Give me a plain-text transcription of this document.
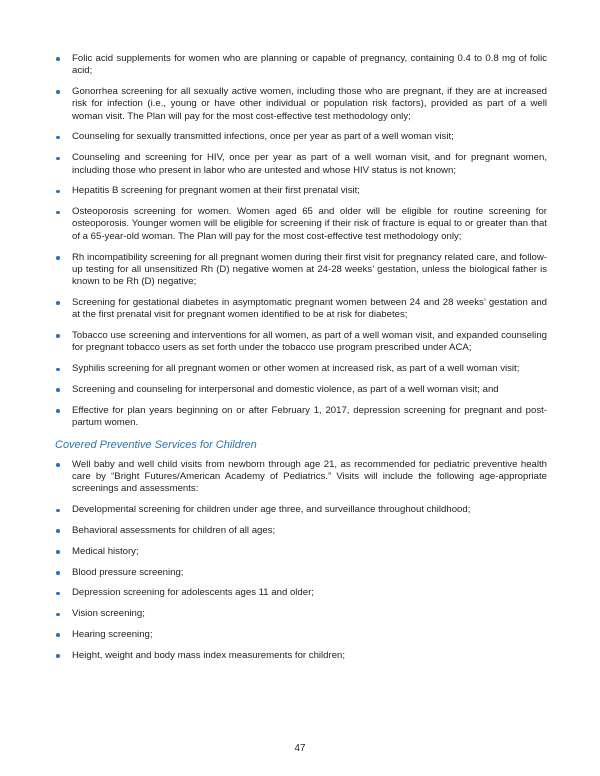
Folic acid supplements for women who are planning or capable of pregnancy, containing 0.4 to 0.8 mg of folic acid;
Gonorrhea screening for all sexually active women, including those who are pregnant, if they are at increased risk for infection (i.e., young or have other individual or population risk factors), provided as part of a well woman visit. The Plan will pay for the most cost-effective test methodology only;
Counseling for sexually transmitted infections, once per year as part of a well woman visit;
Counseling and screening for HIV, once per year as part of a well woman visit, and for pregnant women, including those who present in labor who are untested and whose HIV status is not known;
Hepatitis B screening for pregnant women at their first prenatal visit;
Osteoporosis screening for women. Women aged 65 and older will be eligible for routine screening for osteoporosis. Younger women will be eligible for screening if their risk of fracture is equal to or greater than that of a 65-year-old woman. The Plan will pay for the most cost-effective test methodology only;
Rh incompatibility screening for all pregnant women during their first visit for pregnancy related care, and follow-up testing for all unsensitized Rh (D) negative women at 24-28 weeks’ gestation, unless the biological father is known to be Rh (D) negative;
Screening for gestational diabetes in asymptomatic pregnant women between 24 and 28 weeks’ gestation and at the first prenatal visit for pregnant women identified to be at risk for diabetes;
Tobacco use screening and interventions for all women, as part of a well woman visit, and expanded counseling for pregnant tobacco users as set forth under the tobacco use program prescribed under ACA;
Syphilis screening for all pregnant women or other women at increased risk, as part of a well woman visit;
Screening and counseling for interpersonal and domestic violence, as part of a well woman visit; and
Effective for plan years beginning on or after February 1, 2017, depression screening for pregnant and post-partum women.
Covered Preventive Services for Children
Well baby and well child visits from newborn through age 21, as recommended for pediatric preventive health care by “Bright Futures/American Academy of Pediatrics.” Visits will include the following age-appropriate screenings and assessments:
Developmental screening for children under age three, and surveillance throughout childhood;
Behavioral assessments for children of all ages;
Medical history;
Blood pressure screening;
Depression screening for adolescents ages 11 and older;
Vision screening;
Hearing screening;
Height, weight and body mass index measurements for children;
47
